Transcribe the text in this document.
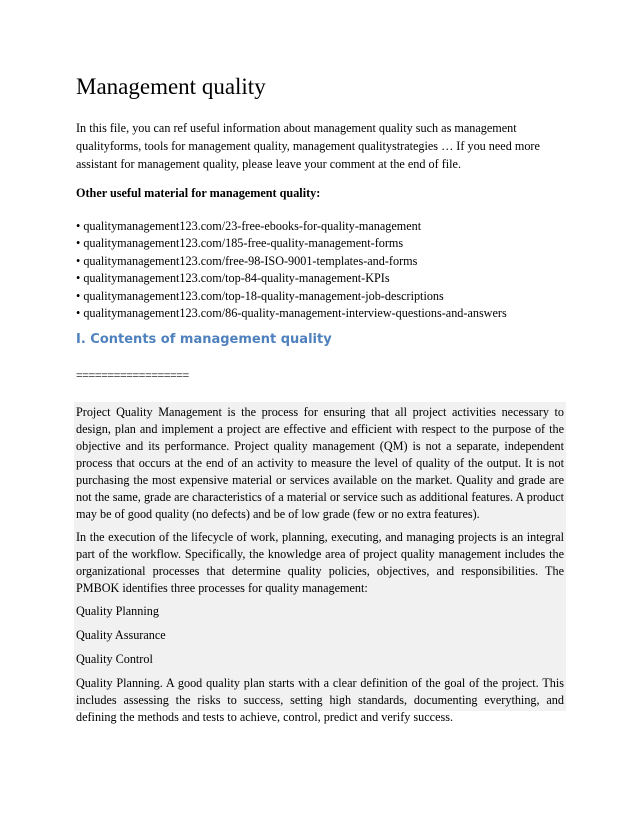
Management quality
In this file, you can ref useful information about management quality such as management qualityforms, tools for management quality, management qualitystrategies … If you need more assistant for management quality, please leave your comment at the end of file.
Other useful material for management quality:
• qualitymanagement123.com/23-free-ebooks-for-quality-management
• qualitymanagement123.com/185-free-quality-management-forms
• qualitymanagement123.com/free-98-ISO-9001-templates-and-forms
• qualitymanagement123.com/top-84-quality-management-KPIs
• qualitymanagement123.com/top-18-quality-management-job-descriptions
• qualitymanagement123.com/86-quality-management-interview-questions-and-answers
I. Contents of management quality
==================

Project Quality Management is the process for ensuring that all project activities necessary to design, plan and implement a project are effective and efficient with respect to the purpose of the objective and its performance. Project quality management (QM) is not a separate, independent process that occurs at the end of an activity to measure the level of quality of the output. It is not purchasing the most expensive material or services available on the market. Quality and grade are not the same, grade are characteristics of a material or service such as additional features. A product may be of good quality (no defects) and be of low grade (few or no extra features).

In the execution of the lifecycle of work, planning, executing, and managing projects is an integral part of the workflow. Specifically, the knowledge area of project quality management includes the organizational processes that determine quality policies, objectives, and responsibilities. The PMBOK identifies three processes for quality management:

Quality Planning

Quality Assurance

Quality Control

Quality Planning. A good quality plan starts with a clear definition of the goal of the project. This includes assessing the risks to success, setting high standards, documenting everything, and defining the methods and tests to achieve, control, predict and verify success.
